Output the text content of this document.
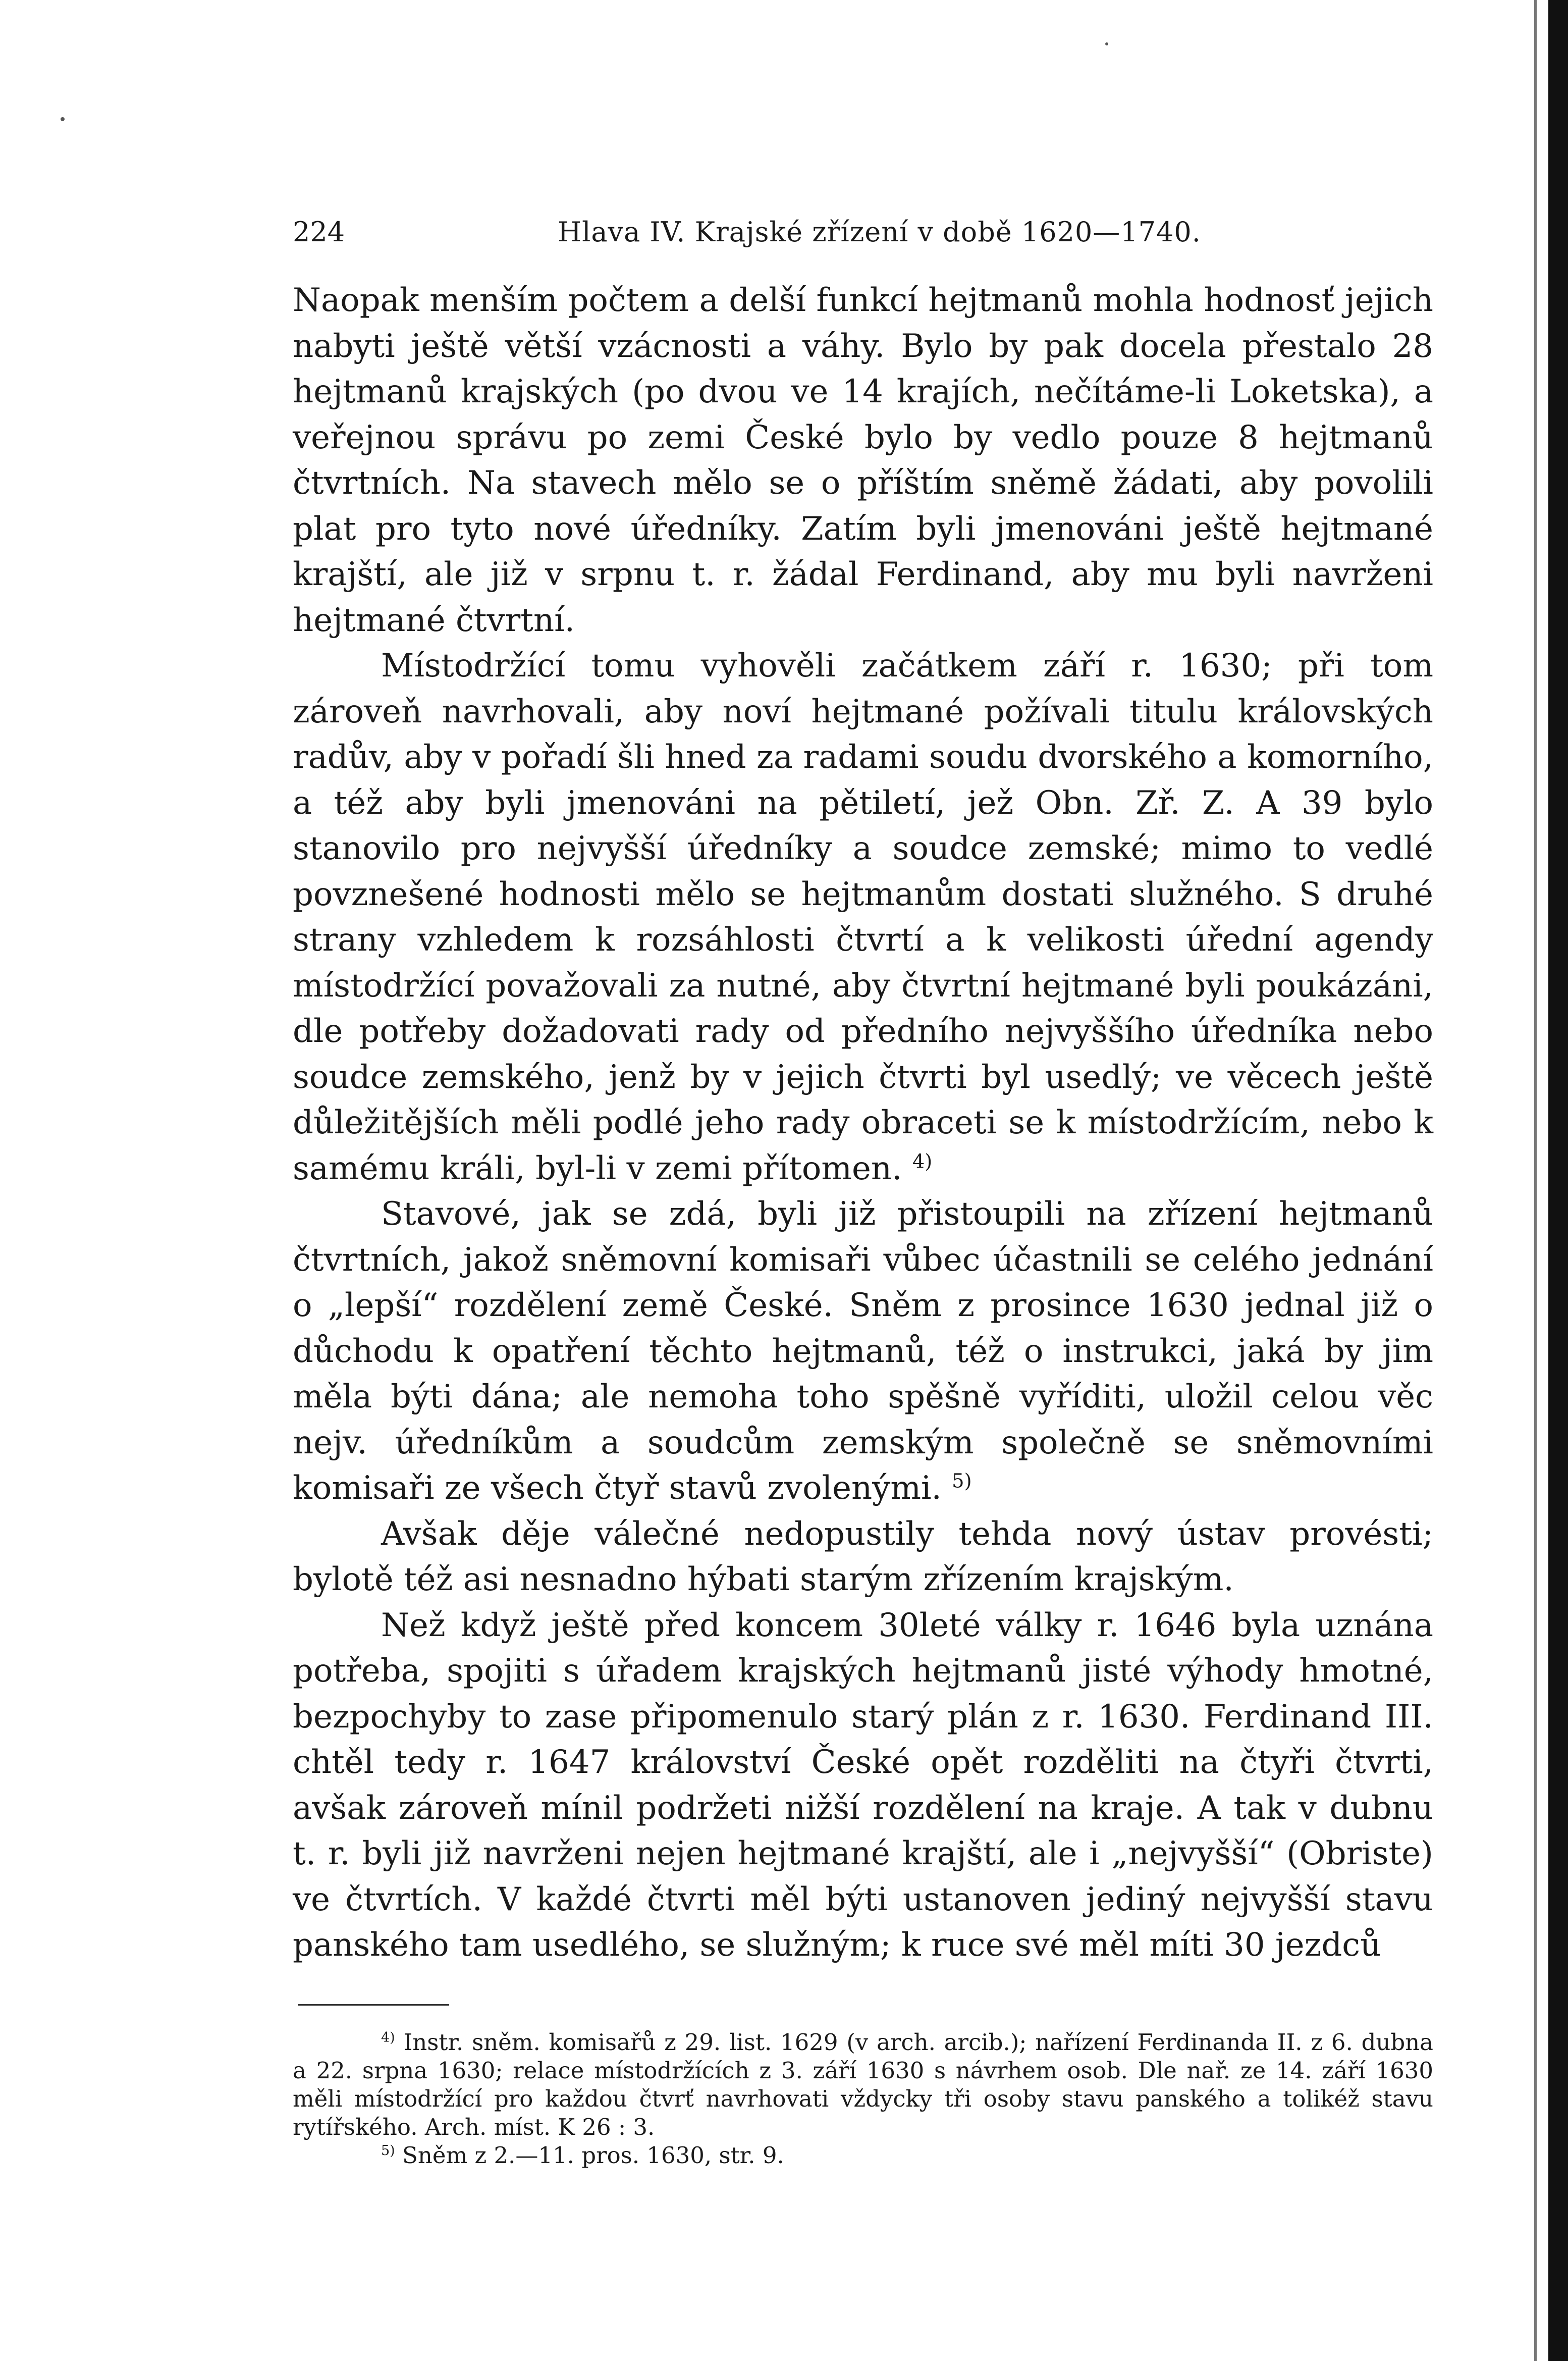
224	Hlava IV. Krajské zřízení v době 1620—1740.

Naopak menším počtem a delší funkcí hejtmanů mohla hodnosť jejich nabyti ještě větší vzácnosti a váhy. Bylo by pak docela přestalo 28 hejtmanů krajských (po dvou ve 14 krajích, nečítáme-li Loketska), a veřejnou správu po zemi České bylo by vedlo pouze 8 hejtmanů čtvrtních. Na stavech mělo se o příštím sněmě žádati, aby povolili plat pro tyto nové úředníky. Zatím byli jmenováni ještě hejtmané krajští, ale již v srpnu t. r. žádal Ferdinand, aby mu byli navrženi hejtmané čtvrtní.

Místodržící tomu vyhověli začátkem září r. 1630; při tom zároveň navrhovali, aby noví hejtmané požívali titulu královských radův, aby v pořadí šli hned za radami soudu dvorského a komorního, a též aby byli jmenováni na pětiletí, jež Obn. Zř. Z. A 39 bylo stanovilo pro nejvyšší úředníky a soudce zemské; mimo to vedlé povznešené hodnosti mělo se hejtmanům dostati služného. S druhé strany vzhledem k rozsáhlosti čtvrtí a k velikosti úřední agendy místodržící považovali za nutné, aby čtvrtní hejtmané byli poukázáni, dle potřeby dožadovati rady od předního nejvyššího úředníka nebo soudce zemského, jenž by v jejich čtvrti byl usedlý; ve věcech ještě důležitějších měli podlé jeho rady obraceti se k místodržícím, nebo k samému králi, byl-li v zemi přítomen. $^{4)}$

Stavové, jak se zdá, byli již přistoupili na zřízení hejtmanů čtvrtních, jakož sněmovní komisaři vůbec účastnili se celého jednání o „lepší“ rozdělení země České. Sněm z prosince 1630 jednal již o důchodu k opatření těchto hejtmanů, též o instrukci, jaká by jim měla býti dána; ale nemoha toho spěšně vyříditi, uložil celou věc nejv. úředníkům a soudcům zemským společně se sněmovními komisaři ze všech čtyř stavů zvolenými. $^{5)}$

Avšak děje válečné nedopustily tehda nový ústav provésti; bylotě též asi nesnadno hýbati starým zřízením krajským.

Než když ještě před koncem 30leté války r. 1646 byla uznána potřeba, spojiti s úřadem krajských hejtmanů jisté výhody hmotné, bezpochyby to zase připomenulo starý plán z r. 1630. Ferdinand III. chtěl tedy r. 1647 království České opět rozděliti na čtyři čtvrti, avšak zároveň mínil podržeti nižší rozdělení na kraje. A tak v dubnu t. r. byli již navrženi nejen hejtmané krajští, ale i „nejvyšší“ (Obriste) ve čtvrtích. V každé čtvrti měl býti ustanoven jediný nejvyšší stavu panského tam usedlého, se služným; k ruce své měl míti 30 jezdců

$^{4)}$ Instr. sněm. komisařů z 29. list. 1629 (v arch. arcib.); nařízení Ferdinanda II. z 6. dubna a 22. srpna 1630; relace místodržících z 3. září 1630 s návrhem osob. Dle nař. ze 14. září 1630 měli místodržící pro každou čtvrť navrhovati vždycky tři osoby stavu panského a tolikéž stavu rytířského. Arch. míst. K 26 : 3.

$^{5)}$ Sněm z 2.—11. pros. 1630, str. 9.
